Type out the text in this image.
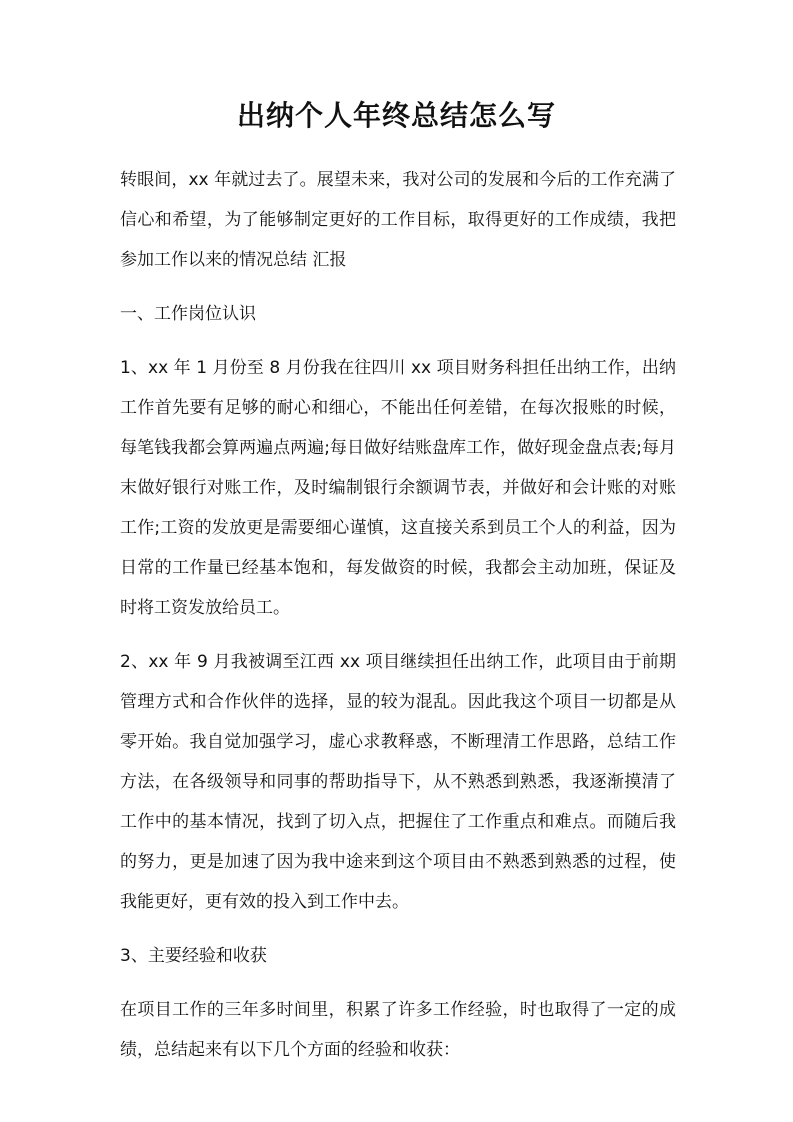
出纳个人年终总结怎么写

转眼间，xx 年就过去了。展望未来，我对公司的发展和今后的工作充满了信心和希望，为了能够制定更好的工作目标，取得更好的工作成绩，我把参加工作以来的情况总结 汇报

一、工作岗位认识

1、xx 年 1 月份至 8 月份我在往四川 xx 项目财务科担任出纳工作，出纳工作首先要有足够的耐心和细心，不能出任何差错，在每次报账的时候，每笔钱我都会算两遍点两遍;每日做好结账盘库工作，做好现金盘点表;每月末做好银行对账工作，及时编制银行余额调节表，并做好和会计账的对账工作;工资的发放更是需要细心谨慎，这直接关系到员工个人的利益，因为日常的工作量已经基本饱和，每发做资的时候，我都会主动加班，保证及时将工资发放给员工。

2、xx 年 9 月我被调至江西 xx 项目继续担任出纳工作，此项目由于前期管理方式和合作伙伴的选择，显的较为混乱。因此我这个项目一切都是从零开始。我自觉加强学习，虚心求教释惑，不断理清工作思路，总结工作方法，在各级领导和同事的帮助指导下，从不熟悉到熟悉，我逐渐摸清了工作中的基本情况，找到了切入点，把握住了工作重点和难点。而随后我的努力，更是加速了因为我中途来到这个项目由不熟悉到熟悉的过程，使我能更好，更有效的投入到工作中去。

3、主要经验和收获

在项目工作的三年多时间里，积累了许多工作经验，时也取得了一定的成绩，总结起来有以下几个方面的经验和收获：
